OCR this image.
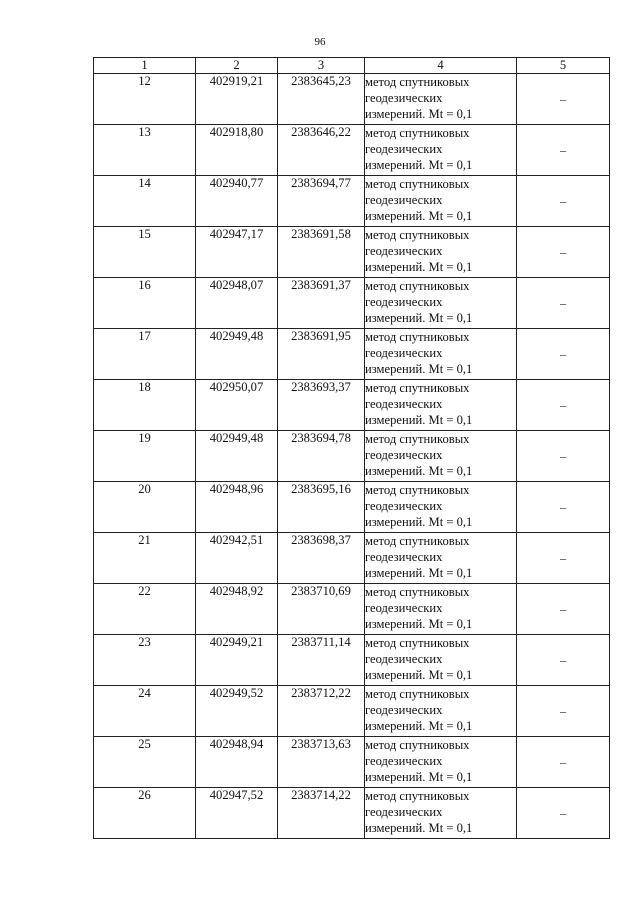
96
1	2	3	4	5
12	402919,21	2383645,23	метод спутниковых
геодезических
измерений. Mt = 0,1	–
13	402918,80	2383646,22	метод спутниковых
геодезических
измерений. Mt = 0,1	–
14	402940,77	2383694,77	метод спутниковых
геодезических
измерений. Mt = 0,1	–
15	402947,17	2383691,58	метод спутниковых
геодезических
измерений. Mt = 0,1	–
16	402948,07	2383691,37	метод спутниковых
геодезических
измерений. Mt = 0,1	–
17	402949,48	2383691,95	метод спутниковых
геодезических
измерений. Mt = 0,1	–
18	402950,07	2383693,37	метод спутниковых
геодезических
измерений. Mt = 0,1	–
19	402949,48	2383694,78	метод спутниковых
геодезических
измерений. Mt = 0,1	–
20	402948,96	2383695,16	метод спутниковых
геодезических
измерений. Mt = 0,1	–
21	402942,51	2383698,37	метод спутниковых
геодезических
измерений. Mt = 0,1	–
22	402948,92	2383710,69	метод спутниковых
геодезических
измерений. Mt = 0,1	–
23	402949,21	2383711,14	метод спутниковых
геодезических
измерений. Mt = 0,1	–
24	402949,52	2383712,22	метод спутниковых
геодезических
измерений. Mt = 0,1	–
25	402948,94	2383713,63	метод спутниковых
геодезических
измерений. Mt = 0,1	–
26	402947,52	2383714,22	метод спутниковых
геодезических
измерений. Mt = 0,1	–
